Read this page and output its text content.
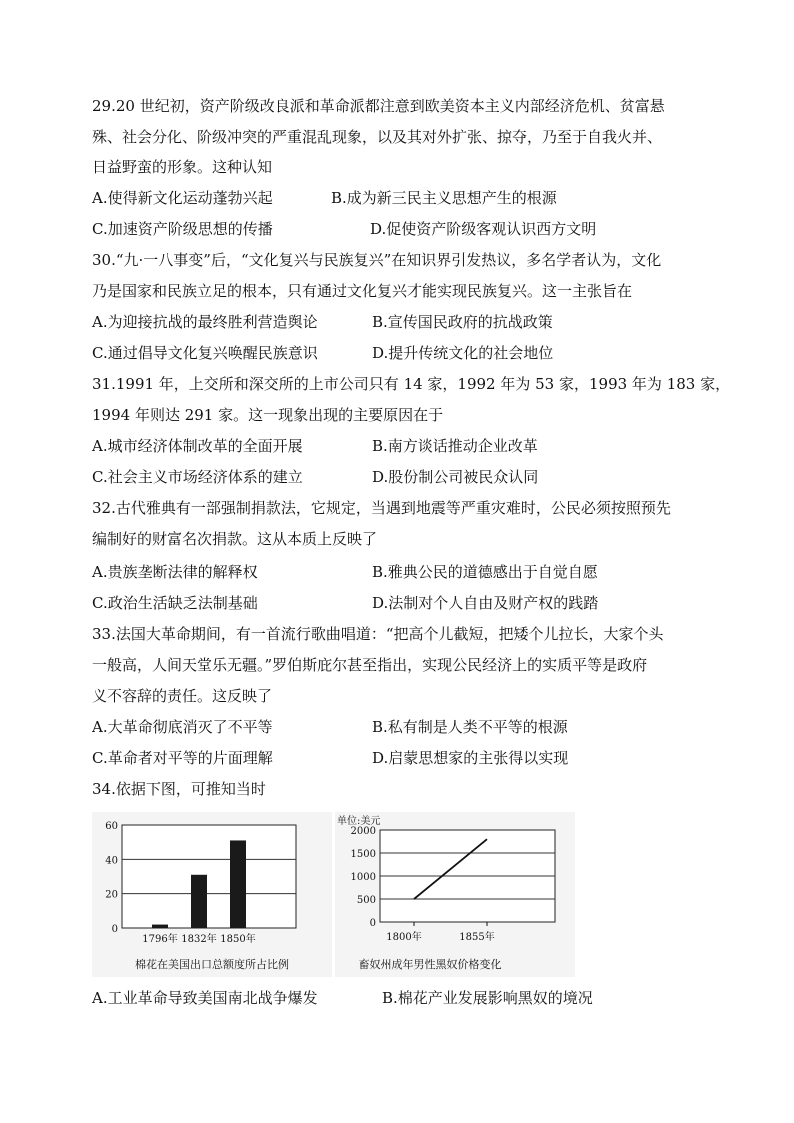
29.20 世纪初，资产阶级改良派和革命派都注意到欧美资本主义内部经济危机、贫富悬
殊、社会分化、阶级冲突的严重混乱现象，以及其对外扩张、掠夺，乃至于自我火并、
日益野蛮的形象。这种认知
A.使得新文化运动蓬勃兴起	B.成为新三民主义思想产生的根源
C.加速资产阶级思想的传播	D.促使资产阶级客观认识西方文明
30.“九·一八事变”后，“文化复兴与民族复兴”在知识界引发热议，多名学者认为，文化
乃是国家和民族立足的根本，只有通过文化复兴才能实现民族复兴。这一主张旨在
A.为迎接抗战的最终胜利营造舆论	B.宣传国民政府的抗战政策
C.通过倡导文化复兴唤醒民族意识	D.提升传统文化的社会地位
31.1991 年，上交所和深交所的上市公司只有 14 家，1992 年为 53 家，1993 年为 183 家，
1994 年则达 291 家。这一现象出现的主要原因在于
A.城市经济体制改革的全面开展	B.南方谈话推动企业改革
C.社会主义市场经济体系的建立	D.股份制公司被民众认同
32.古代雅典有一部强制捐款法，它规定，当遇到地震等严重灾难时，公民必须按照预先
编制好的财富名次捐款。这从本质上反映了
A.贵族垄断法律的解释权	B.雅典公民的道德感出于自觉自愿
C.政治生活缺乏法制基础	D.法制对个人自由及财产权的践踏
33.法国大革命期间，有一首流行歌曲唱道：“把高个儿截短，把矮个儿拉长，大家个头
一般高，人间天堂乐无疆。”罗伯斯庇尔甚至指出，实现公民经济上的实质平等是政府
义不容辞的责任。这反映了
A.大革命彻底消灭了不平等	B.私有制是人类不平等的根源
C.革命者对平等的片面理解	D.启蒙思想家的主张得以实现
34.依据下图，可推知当时
0
20
40
60
1796年 1832年 1850年
棉花在美国出口总额度所占比例
单位:美元
0
500
1000
1500
2000
1800年	1855年
畜奴州成年男性黑奴价格变化
A.工业革命导致美国南北战争爆发	B.棉花产业发展影响黑奴的境况
